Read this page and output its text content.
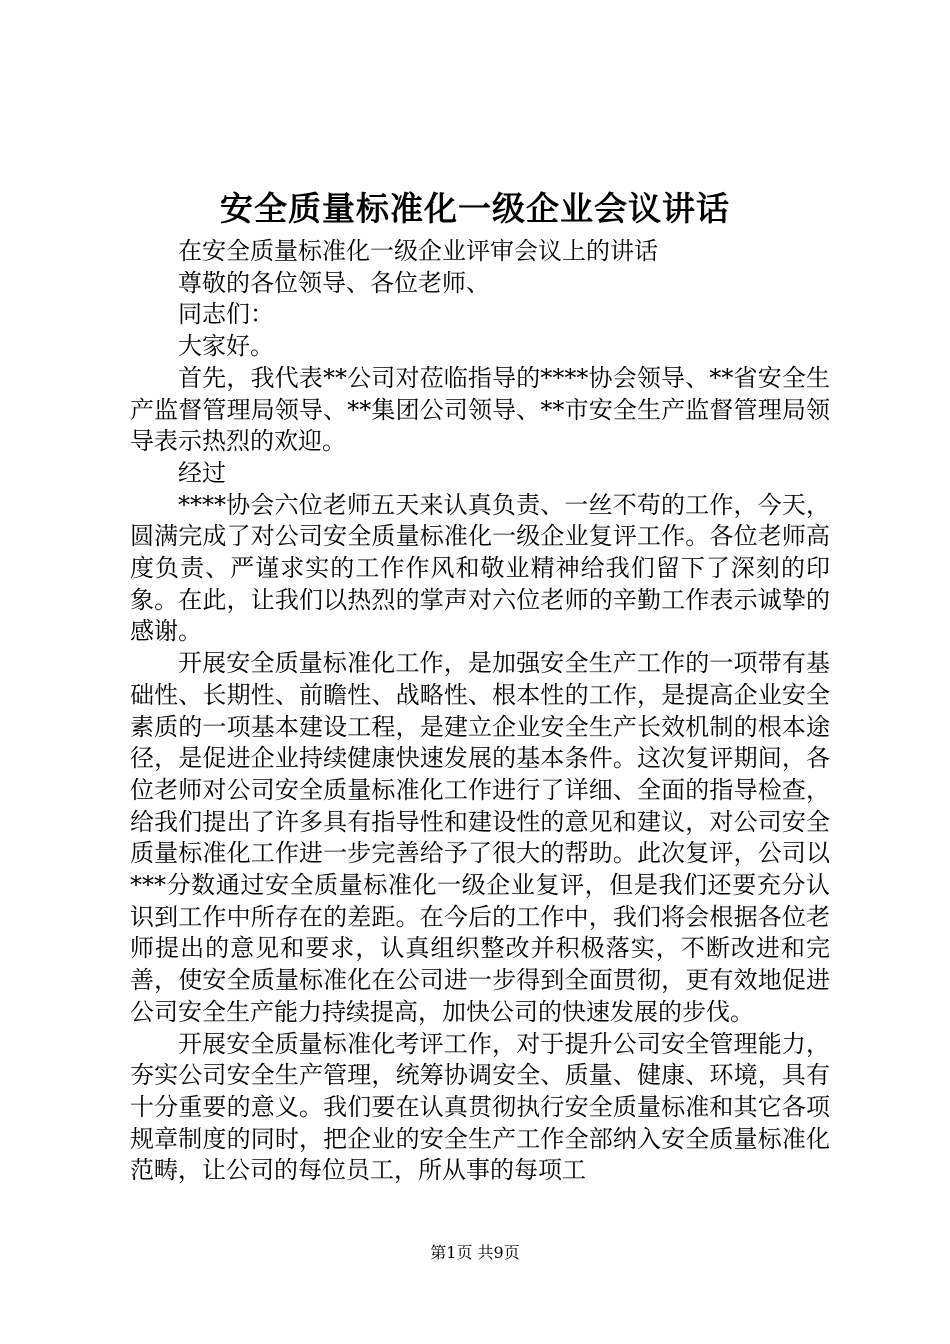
安全质量标准化一级企业会议讲话

在安全质量标准化一级企业评审会议上的讲话

尊敬的各位领导、各位老师、

同志们：

大家好。

首先，我代表**公司对莅临指导的****协会领导、**省安全生产监督管理局领导、**集团公司领导、**市安全生产监督管理局领导表示热烈的欢迎。

经过

****协会六位老师五天来认真负责、一丝不苟的工作，今天，圆满完成了对公司安全质量标准化一级企业复评工作。各位老师高度负责、严谨求实的工作作风和敬业精神给我们留下了深刻的印象。在此，让我们以热烈的掌声对六位老师的辛勤工作表示诚挚的感谢。

开展安全质量标准化工作，是加强安全生产工作的一项带有基础性、长期性、前瞻性、战略性、根本性的工作，是提高企业安全素质的一项基本建设工程，是建立企业安全生产长效机制的根本途径，是促进企业持续健康快速发展的基本条件。这次复评期间，各位老师对公司安全质量标准化工作进行了详细、全面的指导检查，给我们提出了许多具有指导性和建设性的意见和建议，对公司安全质量标准化工作进一步完善给予了很大的帮助。此次复评，公司以***分数通过安全质量标准化一级企业复评，但是我们还要充分认识到工作中所存在的差距。在今后的工作中，我们将会根据各位老师提出的意见和要求，认真组织整改并积极落实，不断改进和完善，使安全质量标准化在公司进一步得到全面贯彻，更有效地促进公司安全生产能力持续提高，加快公司的快速发展的步伐。

开展安全质量标准化考评工作，对于提升公司安全管理能力，夯实公司安全生产管理，统筹协调安全、质量、健康、环境，具有十分重要的意义。我们要在认真贯彻执行安全质量标准和其它各项规章制度的同时，把企业的安全生产工作全部纳入安全质量标准化范畴，让公司的每位员工，所从事的每项工

第1页 共9页
